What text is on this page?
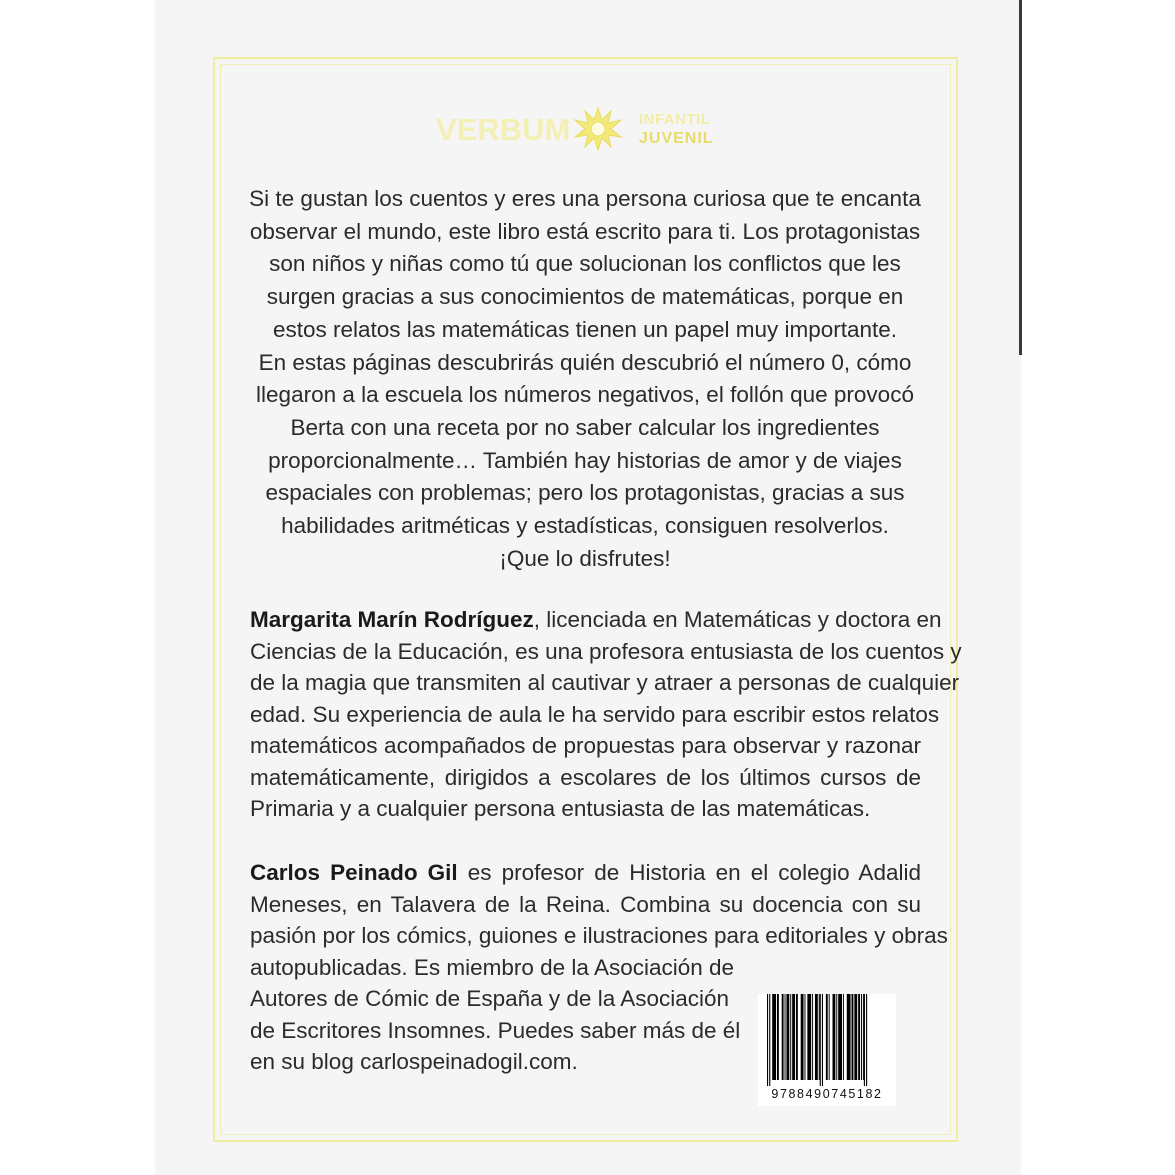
VERBUM	INFANTIL
JUVENIL
Si te gustan los cuentos y eres una persona curiosa que te encanta
observar el mundo, este libro está escrito para ti. Los protagonistas
son niños y niñas como tú que solucionan los conflictos que les
surgen gracias a sus conocimientos de matemáticas, porque en
estos relatos las matemáticas tienen un papel muy importante.
En estas páginas descubrirás quién descubrió el número 0, cómo
llegaron a la escuela los números negativos, el follón que provocó
Berta con una receta por no saber calcular los ingredientes
proporcionalmente… También hay historias de amor y de viajes
espaciales con problemas; pero los protagonistas, gracias a sus
habilidades aritméticas y estadísticas, consiguen resolverlos.
¡Que lo disfrutes!
Margarita Marín Rodríguez, licenciada en Matemáticas y doctora en
Ciencias de la Educación, es una profesora entusiasta de los cuentos y
de la magia que transmiten al cautivar y atraer a personas de cualquier
edad. Su experiencia de aula le ha servido para escribir estos relatos
matemáticos acompañados de propuestas para observar y razonar
matemáticamente, dirigidos a escolares de los últimos cursos de
Primaria y a cualquier persona entusiasta de las matemáticas.
Carlos Peinado Gil es profesor de Historia en el colegio Adalid
Meneses, en Talavera de la Reina. Combina su docencia con su
pasión por los cómics, guiones e ilustraciones para editoriales y obras
autopublicadas. Es miembro de la Asociación de
Autores de Cómic de España y de la Asociación
de Escritores Insomnes. Puedes saber más de él
en su blog carlospeinadogil.com.
9788490745182
